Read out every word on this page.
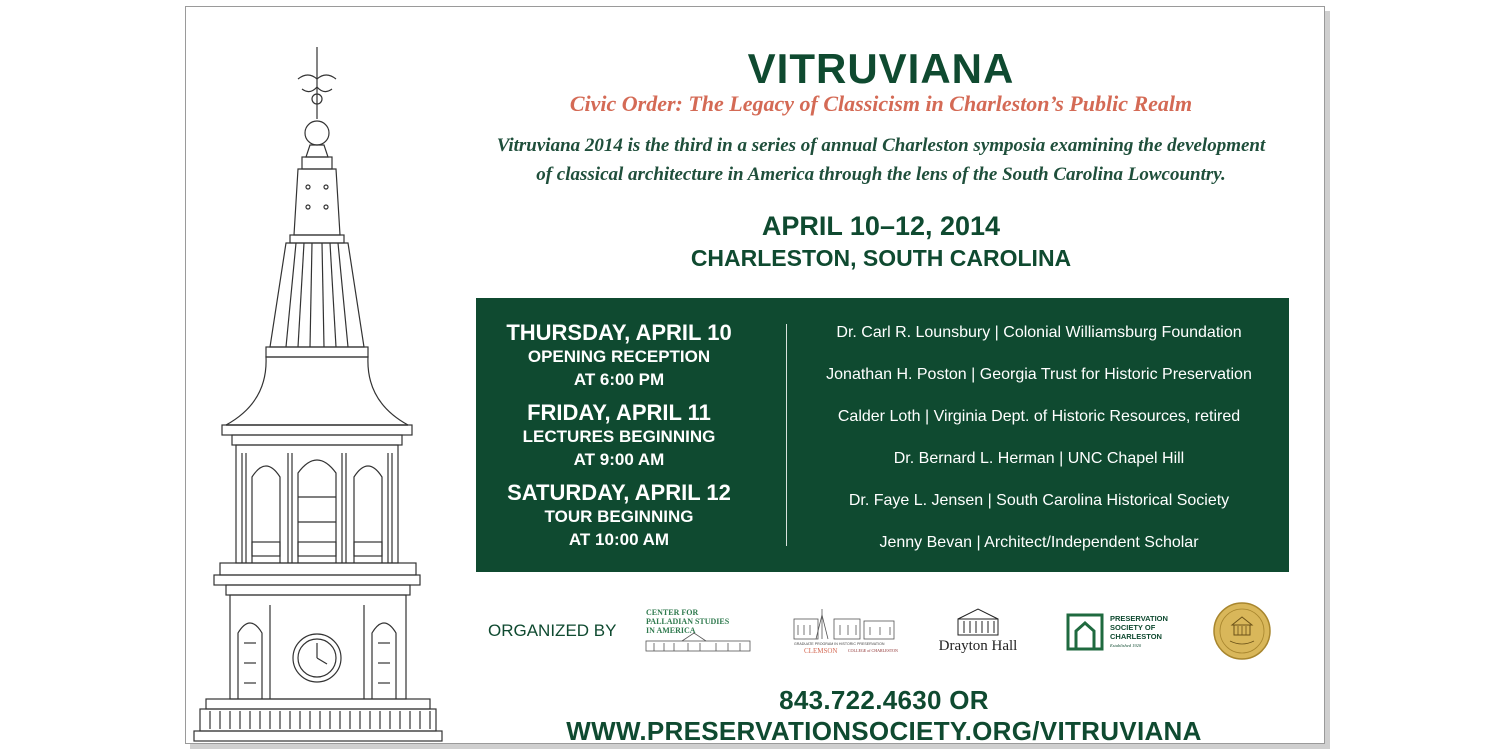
VITRUVIANA
Civic Order: The Legacy of Classicism in Charleston’s Public Realm
Vitruviana 2014 is the third in a series of annual Charleston symposia examining the development
of classical architecture in America through the lens of the South Carolina Lowcountry.
APRIL 10–12, 2014
CHARLESTON, SOUTH CAROLINA
THURSDAY, APRIL 10
OPENING RECEPTION
AT 6:00 PM
FRIDAY, APRIL 11
LECTURES BEGINNING
AT 9:00 AM
SATURDAY, APRIL 12
TOUR BEGINNING
AT 10:00 AM
Dr. Carl R. Lounsbury | Colonial Williamsburg Foundation
Jonathan H. Poston | Georgia Trust for Historic Preservation
Calder Loth | Virginia Dept. of Historic Resources, retired
Dr. Bernard L. Herman | UNC Chapel Hill
Dr. Faye L. Jensen | South Carolina Historical Society
Jenny Bevan | Architect/Independent Scholar
ORGANIZED BY
CENTER FOR
PALLADIAN STUDIES
IN AMERICA
GRADUATE PROGRAM IN HISTORIC PRESERVATION
CLEMSON	COLLEGE of CHARLESTON	Drayton Hall
PRESERVATION
SOCIETY OF
CHARLESTON
Established 1920
843.722.4630 OR WWW.PRESERVATIONSOCIETY.ORG/VITRUVIANA
